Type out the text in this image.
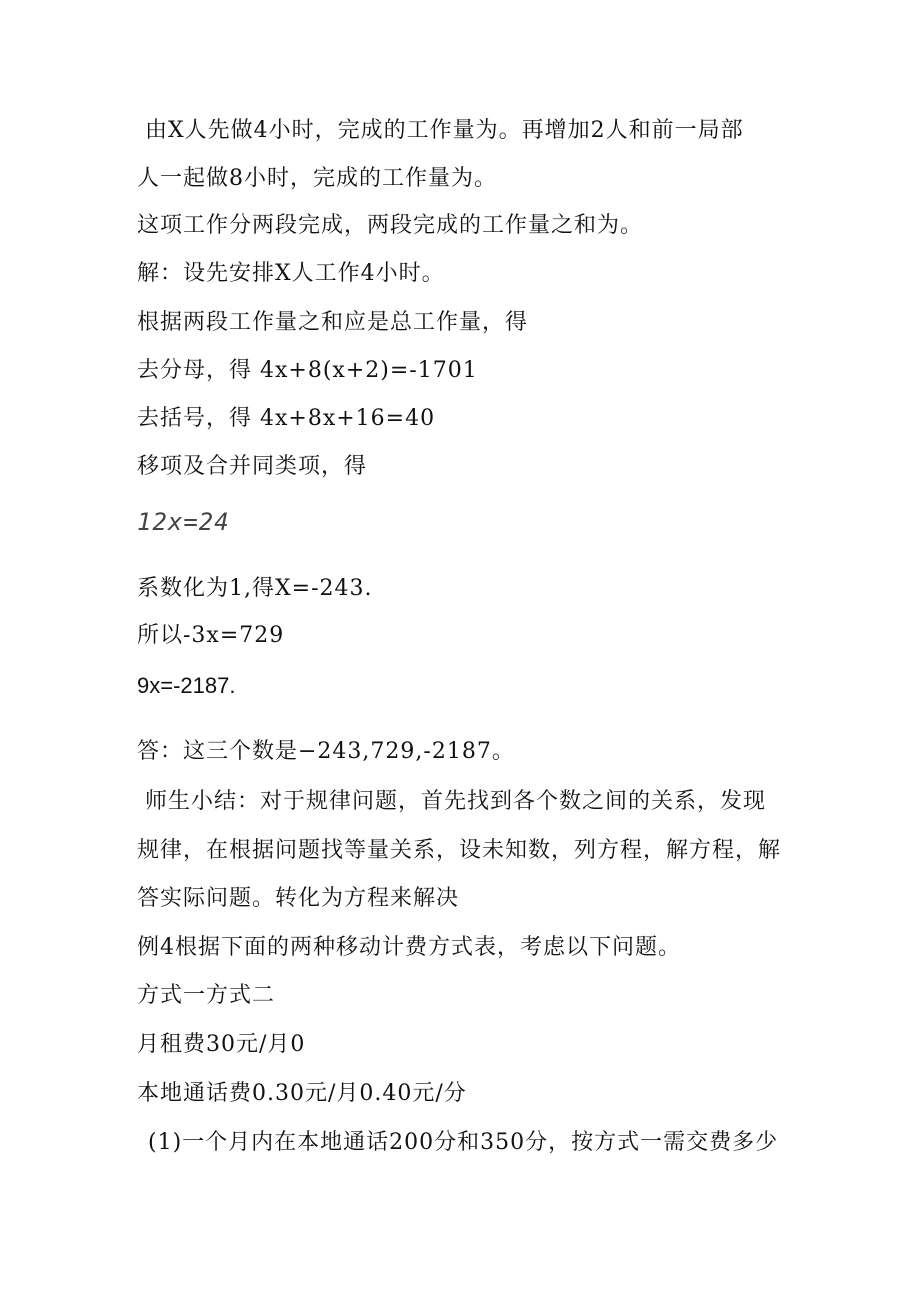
由X人先做4小时，完成的工作量为。再增加2人和前一局部

人一起做8小时，完成的工作量为。

这项工作分两段完成，两段完成的工作量之和为。

解：设先安排X人工作4小时。

根据两段工作量之和应是总工作量，得

去分母，得 4x+8(x+2)=-1701

去括号，得 4x+8x+16=40

移项及合并同类项，得

12x=24

系数化为1,得X=-243.

所以-3x=729

9x=-2187.

答：这三个数是−243,729,-2187。

师生小结：对于规律问题，首先找到各个数之间的关系，发现

规律，在根据问题找等量关系，设未知数，列方程，解方程，解

答实际问题。转化为方程来解决

例4根据下面的两种移动计费方式表，考虑以下问题。

方式一方式二

月租费30元/月0

本地通话费0.30元/月0.40元/分

(1)一个月内在本地通话200分和350分，按方式一需交费多少
